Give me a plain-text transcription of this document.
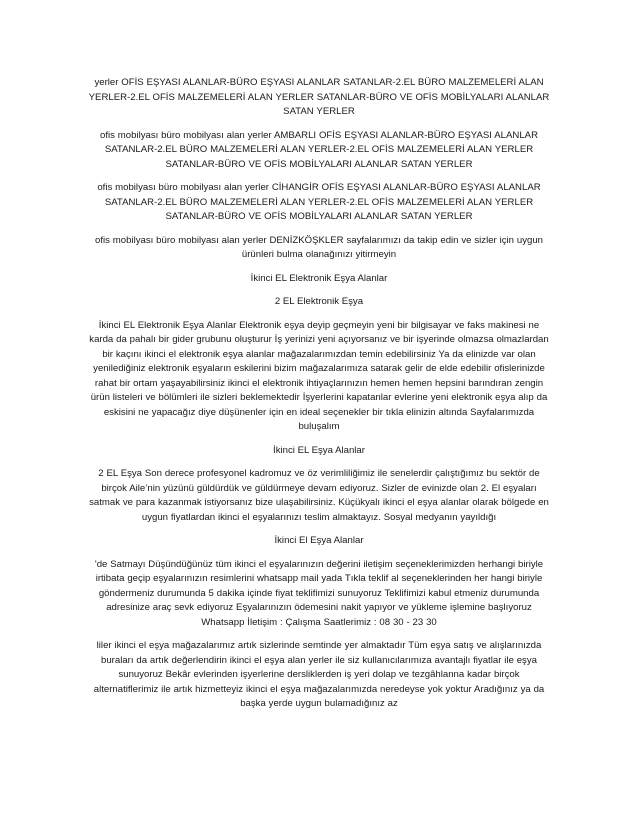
yerler OFİS EŞYASI ALANLAR-BÜRO EŞYASI ALANLAR SATANLAR-2.EL BÜRO MALZEMELERİ ALAN YERLER-2.EL OFİS MALZEMELERİ ALAN YERLER SATANLAR-BÜRO VE OFİS MOBİLYALARI ALANLAR SATAN YERLER

ofis mobilyası büro mobilyası alan yerler AMBARLI OFİS EŞYASI ALANLAR-BÜRO EŞYASI ALANLAR SATANLAR-2.EL BÜRO MALZEMELERİ ALAN YERLER-2.EL OFİS MALZEMELERİ ALAN YERLER SATANLAR-BÜRO VE OFİS MOBİLYALARI ALANLAR SATAN YERLER

ofis mobilyası büro mobilyası alan yerler CİHANGİR OFİS EŞYASI ALANLAR-BÜRO EŞYASI ALANLAR SATANLAR-2.EL BÜRO MALZEMELERİ ALAN YERLER-2.EL OFİS MALZEMELERİ ALAN YERLER SATANLAR-BÜRO VE OFİS MOBİLYALARI ALANLAR SATAN YERLER

ofis mobilyası büro mobilyası alan yerler DENİZKÖŞKLER sayfalarımızı da takip edin ve sizler için uygun ürünleri bulma olanağınızı yitirmeyin

İkinci EL Elektronik Eşya Alanlar

2 EL Elektronik Eşya

İkinci EL Elektronik Eşya Alanlar Elektronik eşya deyip geçmeyin yeni bir bilgisayar ve faks makinesi ne karda da pahalı bir gider grubunu oluşturur İş yerinizi yeni açıyorsanız ve bir işyerinde olmazsa olmazlardan bir kaçını ikinci el elektronik eşya alanlar mağazalarımızdan temin edebilirsiniz Ya da elinizde var olan yenilediğiniz elektronik eşyaların eskilerini bizim mağazalarımıza satarak gelir de elde edebilir ofislerinizde rahat bir ortam yaşayabilirsiniz ikinci el elektronik ihtiyaçlarınızın hemen hemen hepsini barındıran zengin ürün listeleri ve bölümleri ile sizleri beklemektedir İşyerlerini kapatanlar evlerine yeni elektronik eşya alıp da eskisini ne yapacağız diye düşünenler için en ideal seçenekler bir tıkla elinizin altında Sayfalarımızda buluşalım

İkinci EL Eşya Alanlar

2 EL Eşya Son derece profesyonel kadromuz ve öz verimliliğimiz ile senelerdir çalıştığımız bu sektör de birçok Aile’nin yüzünü güldürdük ve güldürmeye devam ediyoruz. Sizler de evinizde olan 2. El eşyaları satmak ve para kazanmak istiyorsanız bize ulaşabilirsiniz. Küçükyalı ikinci el eşya alanlar olarak bölgede en uygun fiyatlardan ikinci el eşyalarınızı teslim almaktayız. Sosyal medyanın yayıldığı

İkinci El Eşya Alanlar

'de Satmayı Düşündüğünüz tüm ikinci el eşyalarınızın değerini iletişim seçeneklerimizden herhangi biriyle irtibata geçip eşyalarınızın resimlerini whatsapp mail yada Tıkla teklif al seçeneklerinden her hangi biriyle göndermeniz durumunda 5 dakika içinde fiyat teklifimizi sunuyoruz Teklifimizi kabul etmeniz durumunda adresinize araç sevk ediyoruz Eşyalarınızın ödemesini nakit yapıyor ve yükleme işlemine başlıyoruz Whatsapp İletişim : Çalışma Saatlerimiz : 08 30 - 23 30

liler ikinci el eşya mağazalarımız artık sizlerinde semtinde yer almaktadır Tüm eşya satış ve alışlarınızda buraları da artık değerlendirin ikinci el eşya alan yerler ile siz kullanıcılarımıza avantajlı fiyatlar ile eşya sunuyoruz Bekâr evlerinden işyerlerine dersliklerden iş yeri dolap ve tezgâhlanna kadar birçok alternatiflerimiz ile artık hizmetteyiz ikinci el eşya mağazalarımızda neredeyse yok yoktur Aradığınız ya da başka yerde uygun bulamadığınız az
